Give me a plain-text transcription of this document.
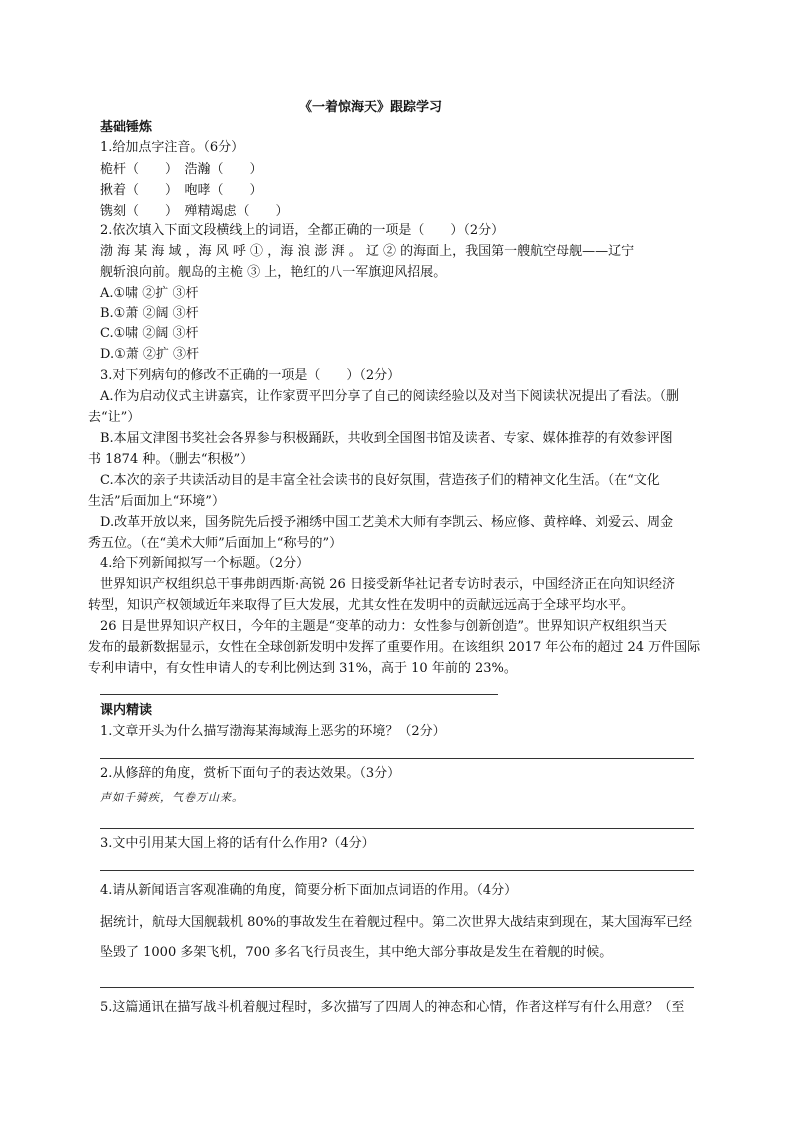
《一着惊海天》跟踪学习
基础锤炼
1.给加点字注音。（6分）
桅杆（　　）　浩瀚（　　）
揪着（　　）　咆哮（　　）
镌刻（　　）　殚精竭虑（　　）
2.依次填入下面文段横线上的词语，全都正确的一项是（　　）（2分）
渤 海 某 海 域 ，海 风 呼 ① ，海 浪 澎 湃 。 辽 ② 的海面上，我国第一艘航空母舰——辽宁
舰斩浪向前。舰岛的主桅 ③ 上，艳红的八一军旗迎风招展。
A.①啸 ②扩 ③杆
B.①萧 ②阔 ③杆
C.①啸 ②阔 ③杆
D.①萧 ②扩 ③杆
3.对下列病句的修改不正确的一项是（　　）（2分）
A.作为启动仪式主讲嘉宾，让作家贾平凹分享了自己的阅读经验以及对当下阅读状况提出了看法。（删
去“让”）
B.本届文津图书奖社会各界参与积极踊跃，共收到全国图书馆及读者、专家、媒体推荐的有效参评图
书 1874 种。（删去“积极”）
C.本次的亲子共读活动目的是丰富全社会读书的良好氛围，营造孩子们的精神文化生活。（在“文化
生活”后面加上“环境”）
D.改革开放以来，国务院先后授予湘绣中国工艺美术大师有李凯云、杨应修、黄梓峰、刘爱云、周金
秀五位。（在“美术大师”后面加上“称号的”）
4.给下列新闻拟写一个标题。（2分）
世界知识产权组织总干事弗朗西斯·高锐 26 日接受新华社记者专访时表示，中国经济正在向知识经济
转型，知识产权领域近年来取得了巨大发展，尤其女性在发明中的贡献远远高于全球平均水平。
26 日是世界知识产权日，今年的主题是“变革的动力：女性参与创新创造”。世界知识产权组织当天
发布的最新数据显示，女性在全球创新发明中发挥了重要作用。在该组织 2017 年公布的超过 24 万件国际
专利申请中，有女性申请人的专利比例达到 31%，高于 10 年前的 23%。
课内精读
1.文章开头为什么描写渤海某海域海上恶劣的环境？（2分）
2.从修辞的角度，赏析下面句子的表达效果。（3分）
声如千骑疾，气卷万山来。
3.文中引用某大国上将的话有什么作用?（4分）
4.请从新闻语言客观准确的角度，简要分析下面加点词语的作用。（4分）
据统计，航母大国舰载机 80%的事故发生在着舰过程中。第二次世界大战结束到现在，某大国海军已经
坠毁了 1000 多架飞机，700 多名飞行员丧生，其中绝大部分事故是发生在着舰的时候。
5.这篇通讯在描写战斗机着舰过程时，多次描写了四周人的神态和心情，作者这样写有什么用意？（至
